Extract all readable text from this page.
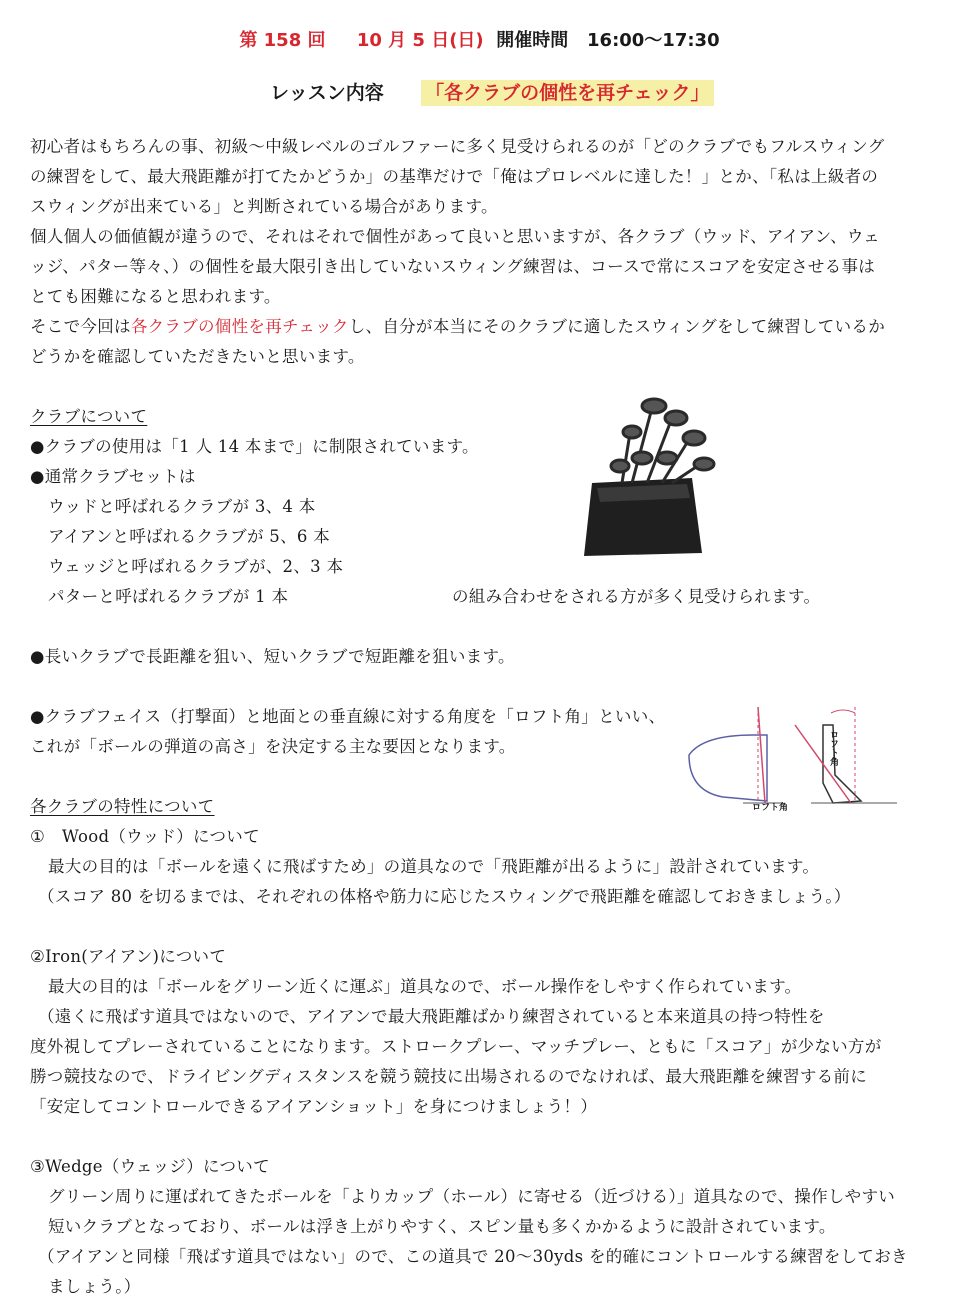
第 158 回 10 月 5 日(日) 開催時間 16:00～17:30
レッスン内容 「各クラブの個性を再チェック」
初心者はもちろんの事、初級～中級レベルのゴルファーに多く見受けられるのが「どのクラブでもフルスウィング
の練習をして、最大飛距離が打てたかどうか」の基準だけで「俺はプロレベルに達した！」とか、「私は上級者の
スウィングが出来ている」と判断されている場合があります。
個人個人の価値観が違うので、それはそれで個性があって良いと思いますが、各クラブ（ウッド、アイアン、ウェ
ッジ、パター等々、）の個性を最大限引き出していないスウィング練習は、コースで常にスコアを安定させる事は
とても困難になると思われます。
そこで今回は各クラブの個性を再チェックし、自分が本当にそのクラブに適したスウィングをして練習しているか
どうかを確認していただきたいと思います。
クラブについて
●クラブの使用は「1 人 14 本まで」に制限されています。
●通常クラブセットは
ウッドと呼ばれるクラブが 3、4 本
アイアンと呼ばれるクラブが 5、6 本
ウェッジと呼ばれるクラブが、2、3 本
パターと呼ばれるクラブが 1 本	の組み合わせをされる方が多く見受けられます。
●長いクラブで長距離を狙い、短いクラブで短距離を狙います。
●クラブフェイス（打撃面）と地面との垂直線に対する角度を「ロフト角」といい、
これが「ボールの弾道の高さ」を決定する主な要因となります。
ロフト角
ロフト角
各クラブの特性について
①　Wood（ウッド）について
最大の目的は「ボールを遠くに飛ばすため」の道具なので「飛距離が出るように」設計されています。
（スコア 80 を切るまでは、それぞれの体格や筋力に応じたスウィングで飛距離を確認しておきましょう。）
②Iron(アイアン)について
最大の目的は「ボールをグリーン近くに運ぶ」道具なので、ボール操作をしやすく作られています。
（遠くに飛ばす道具ではないので、アイアンで最大飛距離ばかり練習されていると本来道具の持つ特性を
度外視してプレーされていることになります。ストロークプレー、マッチプレー、ともに「スコア」が少ない方が
勝つ競技なので、ドライビングディスタンスを競う競技に出場されるのでなければ、最大飛距離を練習する前に
「安定してコントロールできるアイアンショット」を身につけましょう！）
③Wedge（ウェッジ）について
グリーン周りに運ばれてきたボールを「よりカップ（ホール）に寄せる（近づける）」道具なので、操作しやすい
短いクラブとなっており、ボールは浮き上がりやすく、スピン量も多くかかるように設計されています。
（アイアンと同様「飛ばす道具ではない」ので、この道具で 20～30yds を的確にコントロールする練習をしておき
ましょう。）
